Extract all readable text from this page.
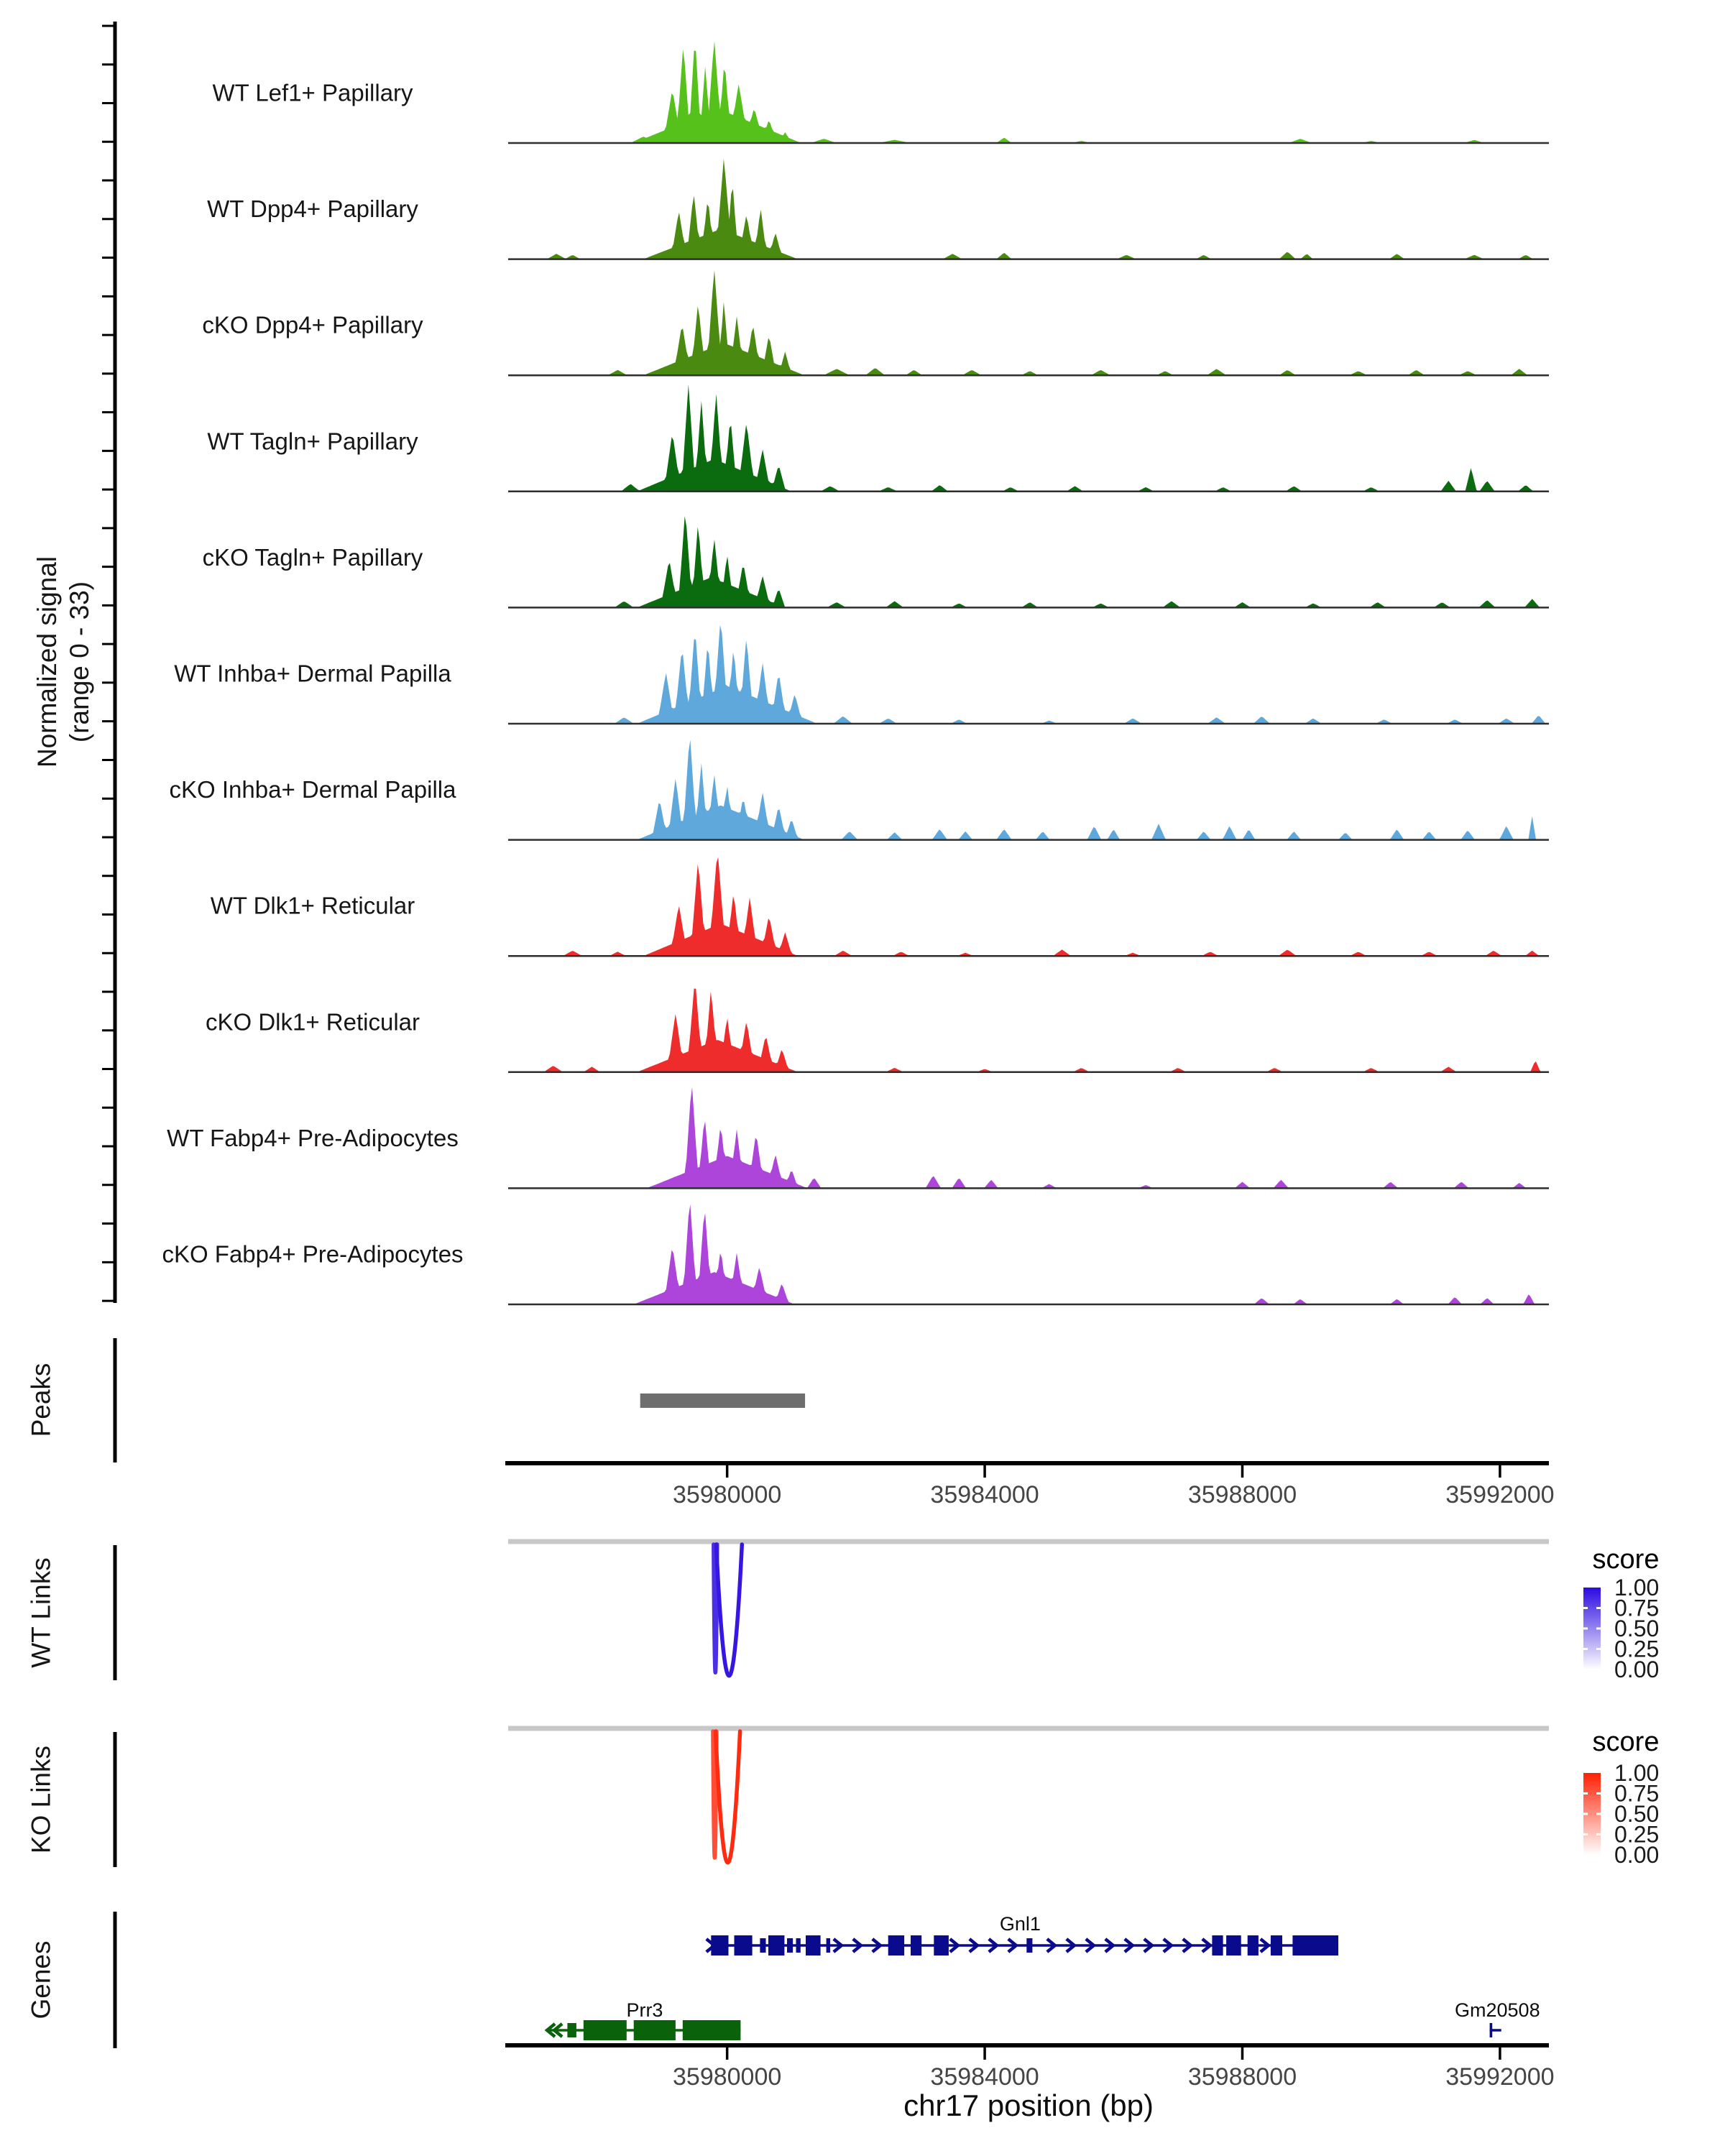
WT Lef1+ Papillary
WT Dpp4+ Papillary
cKO Dpp4+ Papillary
WT Tagln+ Papillary
cKO Tagln+ Papillary
WT Inhba+ Dermal Papilla
cKO Inhba+ Dermal Papilla
WT Dlk1+ Reticular
cKO Dlk1+ Reticular
WT Fabp4+ Pre-Adipocytes
cKO Fabp4+ Pre-Adipocytes
35980000	35984000	35988000	35992000
35980000	35984000	35988000	35992000
score
1.00
0.75
0.50
0.25
0.00
score
1.00
0.75
0.50
0.25
0.00
Gnl1
Prr3	Gm20508
Normalized signal (range 0 - 33)
Peaks
WT Links
KO Links
Genes
chr17 position (bp)
